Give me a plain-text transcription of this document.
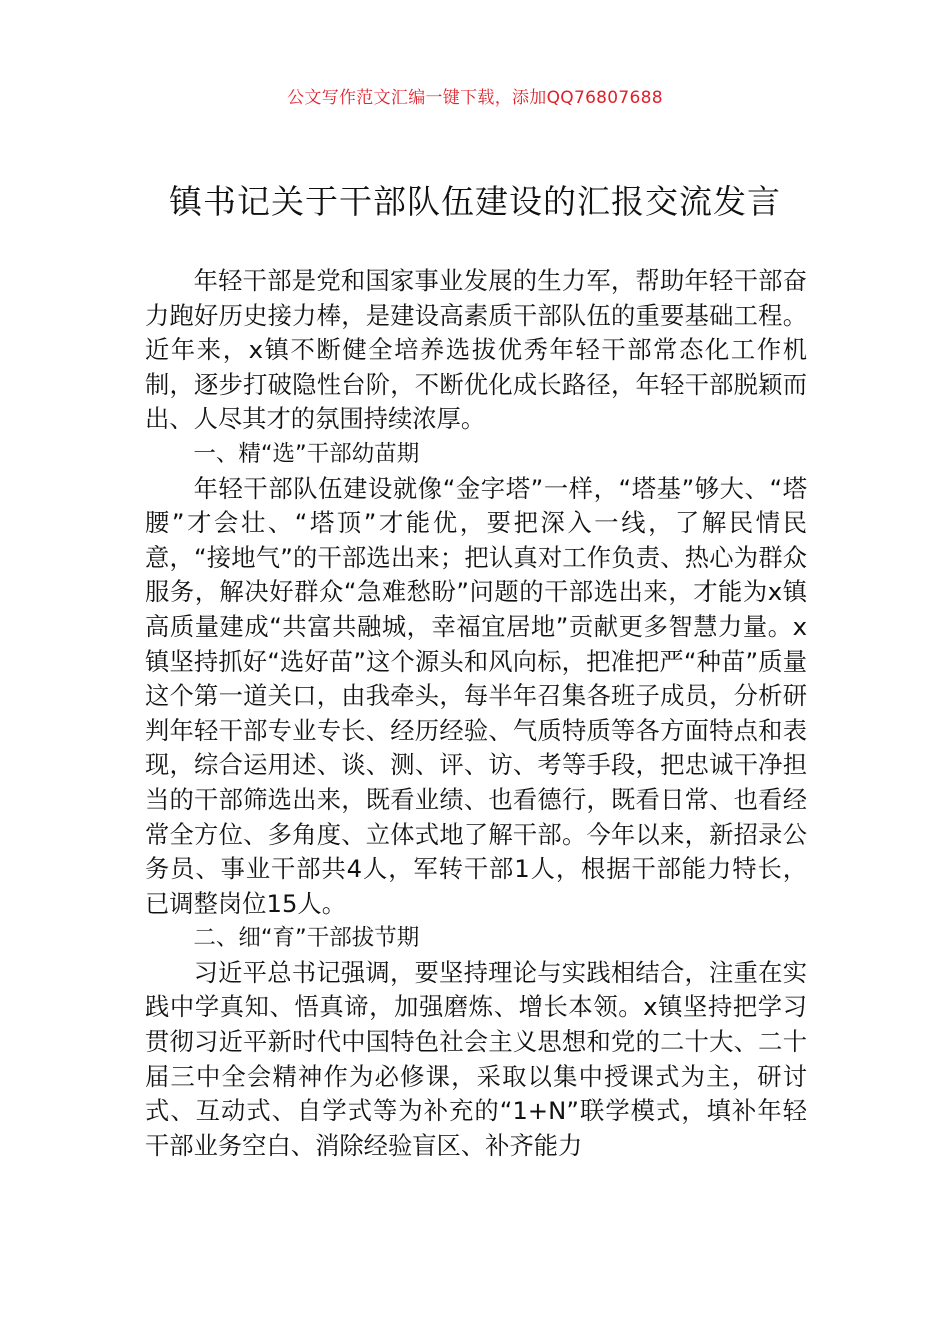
公文写作范文汇编一键下载，添加QQ76807688
镇书记关于干部队伍建设的汇报交流发言

年轻干部是党和国家事业发展的生力军，帮助年轻干部奋力跑好历史接力棒，是建设高素质干部队伍的重要基础工程。近年来，x镇不断健全培养选拔优秀年轻干部常态化工作机制，逐步打破隐性台阶，不断优化成长路径，年轻干部脱颖而出、人尽其才的氛围持续浓厚。

一、精“选”干部幼苗期

年轻干部队伍建设就像“金字塔”一样，“塔基”够大、“塔腰”才会壮、“塔顶”才能优，要把深入一线，了解民情民意，“接地气”的干部选出来；把认真对工作负责、热心为群众服务，解决好群众“急难愁盼”问题的干部选出来，才能为x镇高质量建成“共富共融城，幸福宜居地”贡献更多智慧力量。x镇坚持抓好“选好苗”这个源头和风向标，把准把严“种苗”质量这个第一道关口，由我牵头，每半年召集各班子成员，分析研判年轻干部专业专长、经历经验、气质特质等各方面特点和表现，综合运用述、谈、测、评、访、考等手段，把忠诚干净担当的干部筛选出来，既看业绩、也看德行，既看日常、也看经常全方位、多角度、立体式地了解干部。今年以来，新招录公务员、事业干部共4人，军转干部1人，根据干部能力特长，已调整岗位15人。

二、细“育”干部拔节期

习近平总书记强调，要坚持理论与实践相结合，注重在实践中学真知、悟真谛，加强磨炼、增长本领。x镇坚持把学习贯彻习近平新时代中国特色社会主义思想和党的二十大、二十届三中全会精神作为必修课，采取以集中授课式为主，研讨式、互动式、自学式等为补充的“1+N”联学模式，填补年轻干部业务空白、消除经验盲区、补齐能力
